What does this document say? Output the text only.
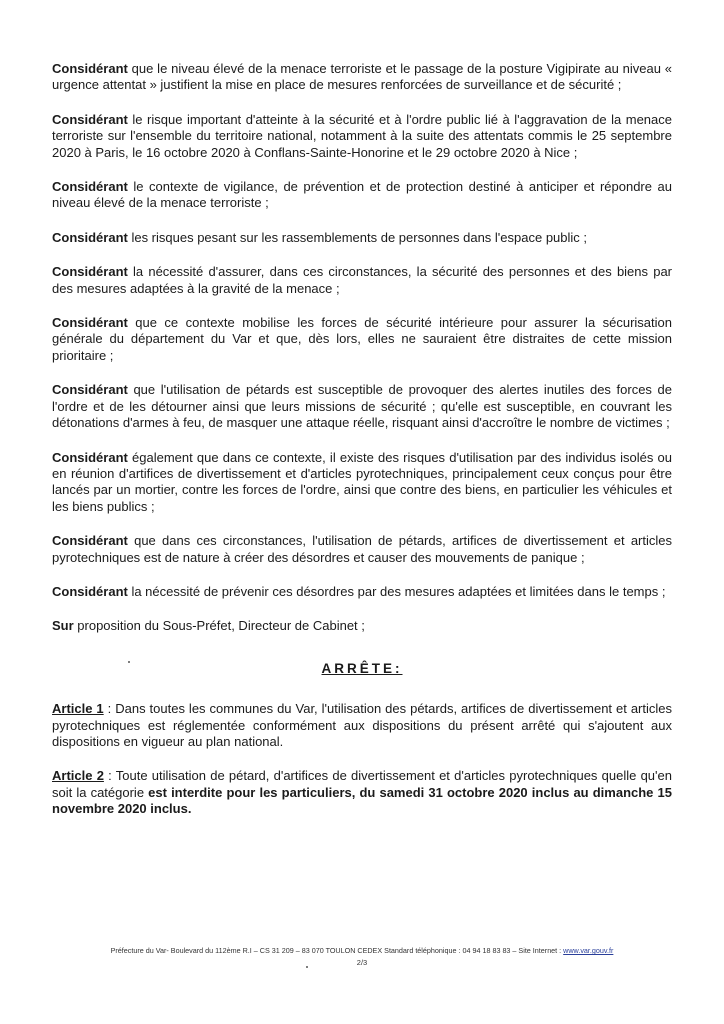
Considérant que le niveau élevé de la menace terroriste et le passage de la posture Vigipirate au niveau « urgence attentat » justifient la mise en place de mesures renforcées de surveillance et de sécurité ;

Considérant le risque important d'atteinte à la sécurité et à l'ordre public lié à l'aggravation de la menace terroriste sur l'ensemble du territoire national, notamment à la suite des attentats commis le 25 septembre 2020 à Paris, le 16 octobre 2020 à Conflans-Sainte-Honorine et le 29 octobre 2020 à Nice ;

Considérant le contexte de vigilance, de prévention et de protection destiné à anticiper et répondre au niveau élevé de la menace terroriste ;

Considérant les risques pesant sur les rassemblements de personnes dans l'espace public ;

Considérant la nécessité d'assurer, dans ces circonstances, la sécurité des personnes et des biens par des mesures adaptées à la gravité de la menace ;

Considérant que ce contexte mobilise les forces de sécurité intérieure pour assurer la sécurisation générale du département du Var et que, dès lors, elles ne sauraient être distraites de cette mission prioritaire ;

Considérant que l'utilisation de pétards est susceptible de provoquer des alertes inutiles des forces de l'ordre et de les détourner ainsi que leurs missions de sécurité ; qu'elle est susceptible, en couvrant les détonations d'armes à feu, de masquer une attaque réelle, risquant ainsi d'accroître le nombre de victimes ;

Considérant également que dans ce contexte, il existe des risques d'utilisation par des individus isolés ou en réunion d'artifices de divertissement et d'articles pyrotechniques, principalement ceux conçus pour être lancés par un mortier, contre les forces de l'ordre, ainsi que contre des biens, en particulier les véhicules et les biens publics ;

Considérant que dans ces circonstances, l'utilisation de pétards, artifices de divertissement et articles pyrotechniques est de nature à créer des désordres et causer des mouvements de panique ;

Considérant la nécessité de prévenir ces désordres par des mesures adaptées et limitées dans le temps ;

Sur proposition du Sous-Préfet, Directeur de Cabinet ;

ARRÊTE:

Article 1 : Dans toutes les communes du Var, l'utilisation des pétards, artifices de divertissement et articles pyrotechniques est réglementée conformément aux dispositions du présent arrêté qui s'ajoutent aux dispositions en vigueur au plan national.

Article 2 : Toute utilisation de pétard, d'artifices de divertissement et d'articles pyrotechniques quelle qu'en soit la catégorie est interdite pour les particuliers, du samedi 31 octobre 2020 inclus au dimanche 15 novembre 2020 inclus.

Préfecture du Var- Boulevard du 112ème R.I – CS 31 209 – 83 070 TOULON CEDEX Standard téléphonique : 04 94 18 83 83 – Site Internet : www.var.gouv.fr
2/3
